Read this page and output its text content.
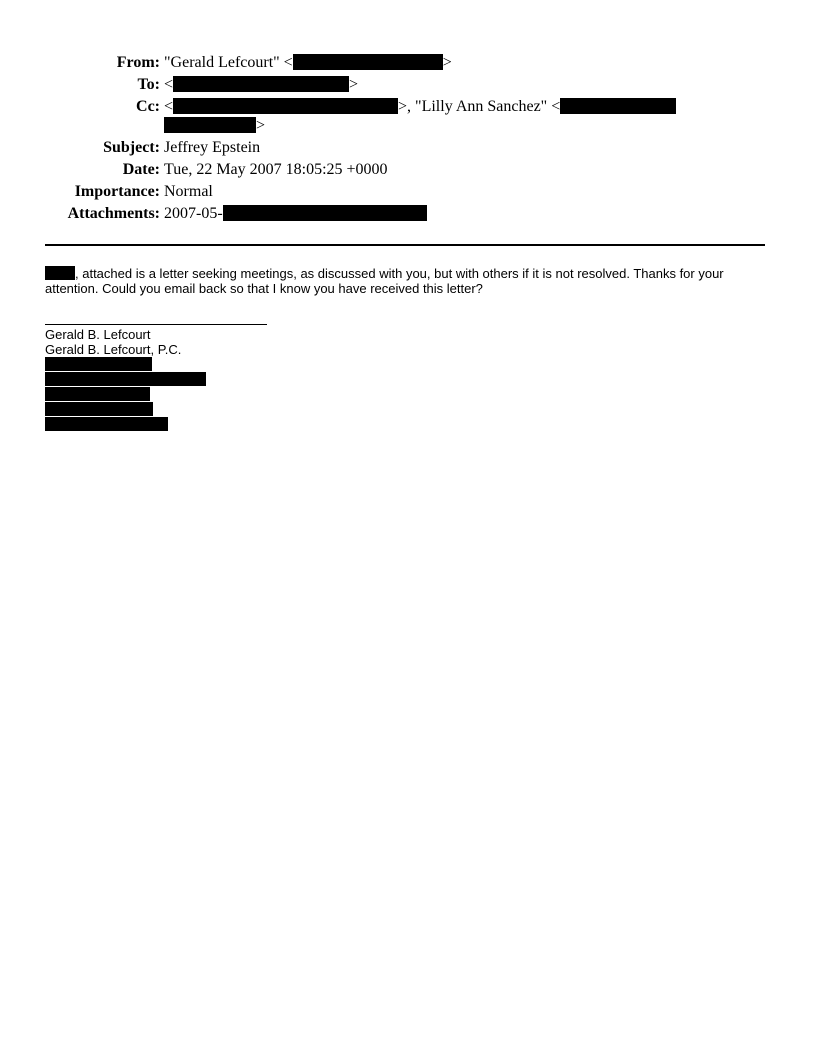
From: "Gerald Lefcourt" <	>
To: <	>
Cc: <	>, "Lilly Ann Sanchez" <
>
Subject: Jeffrey Epstein
Date: Tue, 22 May 2007 18:05:25 +0000
Importance: Normal
Attachments: 2007-05-
, attached is a letter seeking meetings, as discussed with you, but with others if it is not resolved. Thanks for your attention. Could you email back so that I know you have received this letter?
Gerald B. Lefcourt
Gerald B. Lefcourt, P.C.
